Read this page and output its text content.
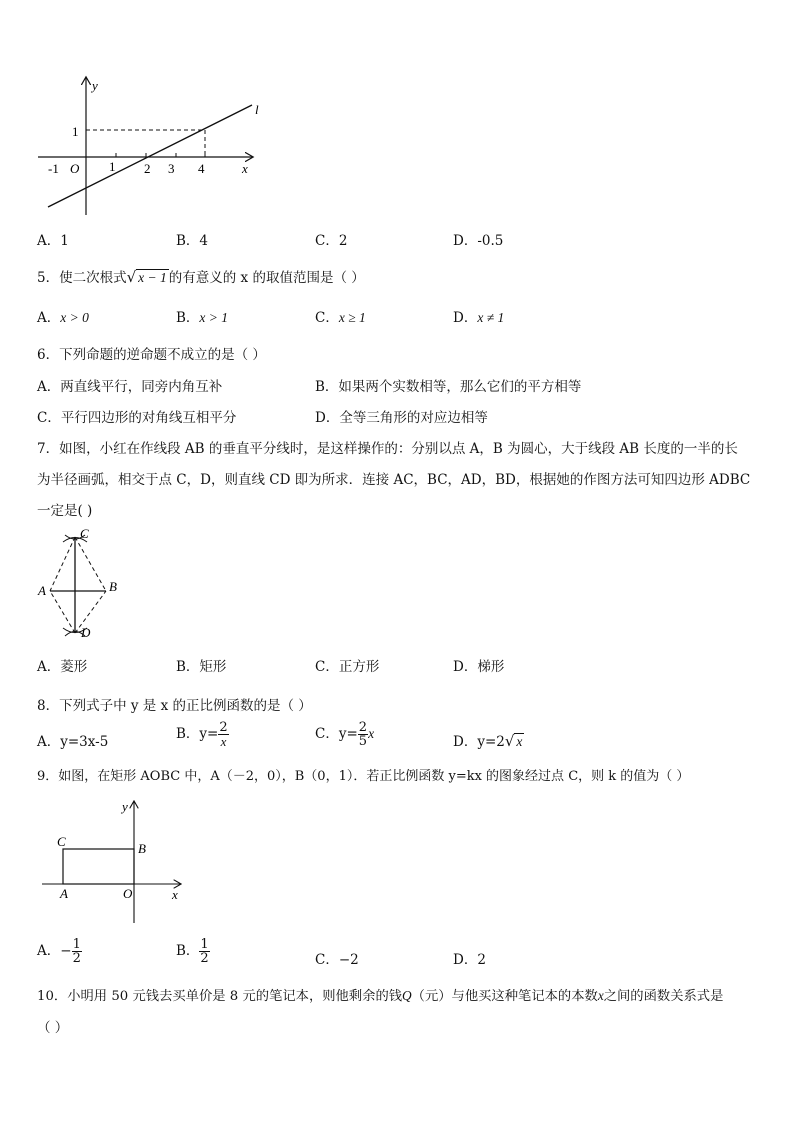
y
l
1
-1 O 1 2 3 4	x
A．1	B．4	C．2	D．-0.5
5．使二次根式√ x − 1 的有意义的 x 的取值范围是（ ）
A．x > 0	B．x > 1	C．x ≥ 1	D．x ≠ 1
6．下列命题的逆命题不成立的是（ ）
A．两直线平行，同旁内角互补	B．如果两个实数相等，那么它们的平方相等
C．平行四边形的对角线互相平分	D．全等三角形的对应边相等
7．如图，小红在作线段 AB 的垂直平分线时，是这样操作的：分别以点 A，B 为圆心，大于线段 AB 长度的一半的长
为半径画弧，相交于点 C，D，则直线 CD 即为所求．连接 AC，BC，AD，BD，根据她的作图方法可知四边形 ADBC
一定是( )
C
A	B
D
A．菱形	B．矩形	C．正方形	D．梯形
8．下列式子中 y 是 x 的正比例函数的是（ ）
A．y=3x-5	B．$y= \frac{2}{x}$	C．$y= \frac{2}{5}$ x
D．y=2√ x
9．如图，在矩形 AOBC 中，A（－2，0），B（0，1）．若正比例函数 y=kx 的图象经过点 C，则 k 的值为（ ）
y
C	B
A	O	x
A．− $\frac{1}{2}$	B． $\frac{1}{2}$	C．−2	D．2
10．小明用 50 元钱去买单价是 8 元的笔记本，则他剩余的钱Q（元）与他买这种笔记本的本数x之间的函数关系式是
（ ）
